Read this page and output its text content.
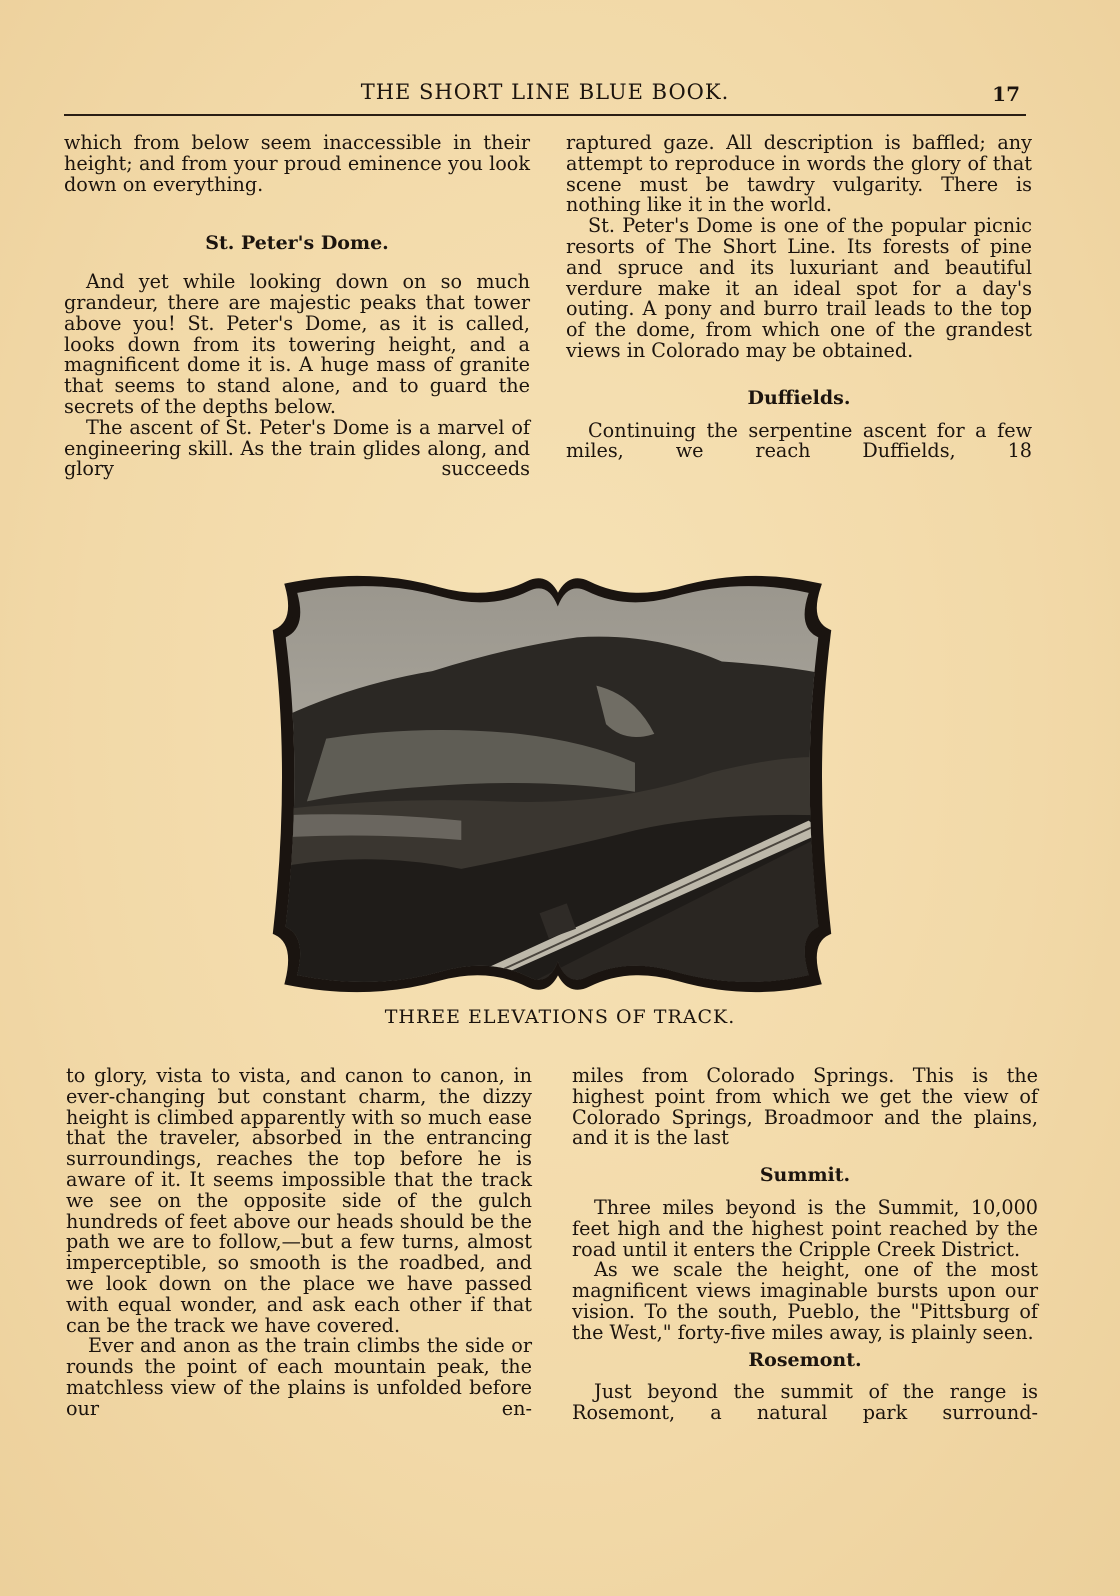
THE SHORT LINE BLUE BOOK.	17

which from below seem inaccessible in their height; and from your proud eminence you look down on everything.

St. Peter's Dome.

And yet while looking down on so much grandeur, there are majestic peaks that tower above you! St. Peter's Dome, as it is called, looks down from its towering height, and a magnificent dome it is. A huge mass of granite that seems to stand alone, and to guard the secrets of the depths below.

The ascent of St. Peter's Dome is a marvel of engineering skill. As the train glides along, and glory succeeds

raptured gaze. All description is baffled; any attempt to reproduce in words the glory of that scene must be tawdry vulgarity. There is nothing like it in the world.

St. Peter's Dome is one of the popular picnic resorts of The Short Line. Its forests of pine and spruce and its luxuriant and beautiful verdure make it an ideal spot for a day's outing. A pony and burro trail leads to the top of the dome, from which one of the grandest views in Colorado may be obtained.

Duffields.

Continuing the serpentine ascent for a few miles, we reach Duffields, 18

THREE ELEVATIONS OF TRACK.

to glory, vista to vista, and canon to canon, in ever-changing but constant charm, the dizzy height is climbed apparently with so much ease that the traveler, absorbed in the entrancing surroundings, reaches the top before he is aware of it. It seems impossible that the track we see on the opposite side of the gulch hundreds of feet above our heads should be the path we are to follow,—but a few turns, almost imperceptible, so smooth is the roadbed, and we look down on the place we have passed with equal wonder, and ask each other if that can be the track we have covered.

Ever and anon as the train climbs the side or rounds the point of each mountain peak, the matchless view of the plains is unfolded before our en-

miles from Colorado Springs. This is the highest point from which we get the view of Colorado Springs, Broadmoor and the plains, and it is the last

Summit.

Three miles beyond is the Summit, 10,000 feet high and the highest point reached by the road until it enters the Cripple Creek District.

As we scale the height, one of the most magnificent views imaginable bursts upon our vision. To the south, Pueblo, the "Pittsburg of the West," forty-five miles away, is plainly seen.

Rosemont.

Just beyond the summit of the range is Rosemont, a natural park surround-
